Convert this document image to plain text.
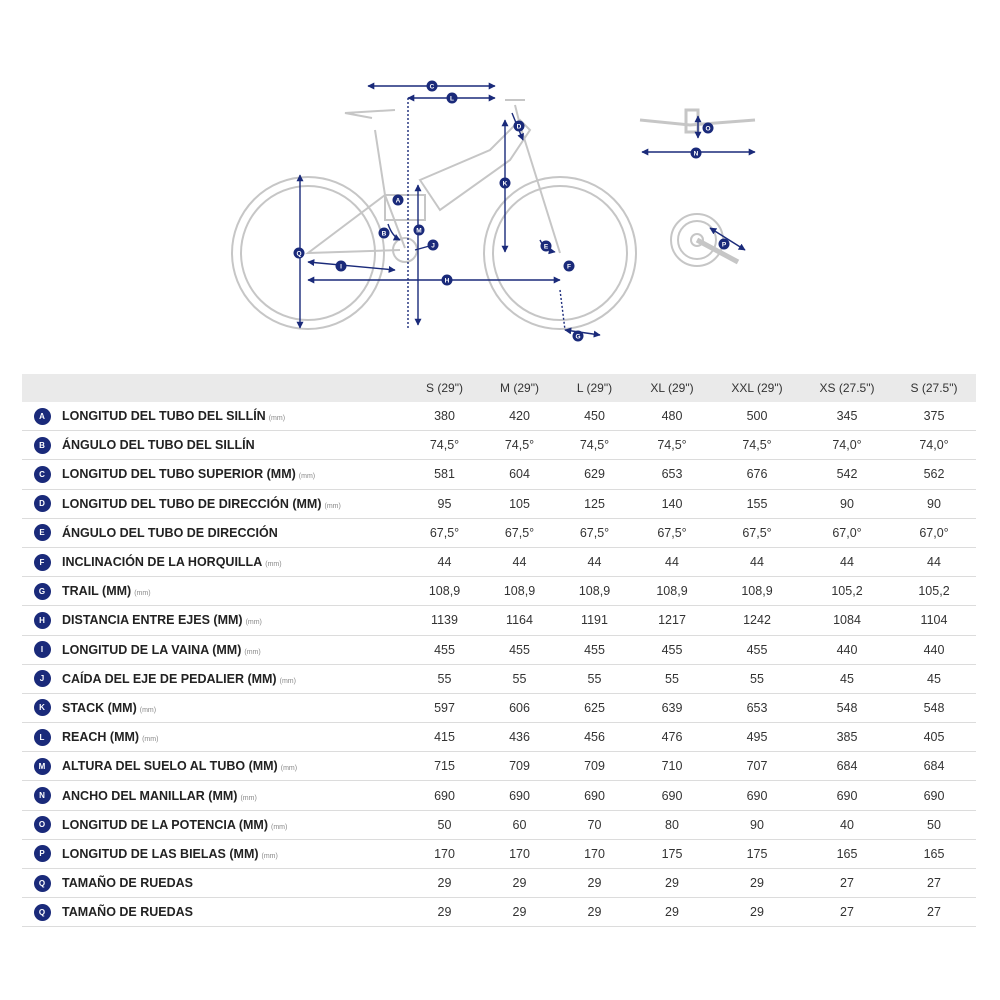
C
L
D
K
A
B	M
J	E
F
O
N
P
I
H
Q
G
		S (29")	M (29")	L (29")	XL (29")	XXL (29")	XS (27.5")	S (27.5")
A	LONGITUD DEL TUBO DEL SILLÍN (mm)	380	420	450	480	500	345	375
B	ÁNGULO DEL TUBO DEL SILLÍN	74,5°	74,5°	74,5°	74,5°	74,5°	74,0°	74,0°
C	LONGITUD DEL TUBO SUPERIOR (MM) (mm)	581	604	629	653	676	542	562
D	LONGITUD DEL TUBO DE DIRECCIÓN (MM) (mm)	95	105	125	140	155	90	90
E	ÁNGULO DEL TUBO DE DIRECCIÓN	67,5°	67,5°	67,5°	67,5°	67,5°	67,0°	67,0°
F	INCLINACIÓN DE LA HORQUILLA (mm)	44	44	44	44	44	44	44
G	TRAIL (MM) (mm)	108,9	108,9	108,9	108,9	108,9	105,2	105,2
H	DISTANCIA ENTRE EJES (MM) (mm)	1139	1164	1191	1217	1242	1084	1104
I	LONGITUD DE LA VAINA (MM) (mm)	455	455	455	455	455	440	440
J	CAÍDA DEL EJE DE PEDALIER (MM) (mm)	55	55	55	55	55	45	45
K	STACK (MM) (mm)	597	606	625	639	653	548	548
L	REACH (MM) (mm)	415	436	456	476	495	385	405
M	ALTURA DEL SUELO AL TUBO (MM) (mm)	715	709	709	710	707	684	684
N	ANCHO DEL MANILLAR (MM) (mm)	690	690	690	690	690	690	690
O	LONGITUD DE LA POTENCIA (MM) (mm)	50	60	70	80	90	40	50
P	LONGITUD DE LAS BIELAS (MM) (mm)	170	170	170	175	175	165	165
Q	TAMAÑO DE RUEDAS	29	29	29	29	29	27	27
Q	TAMAÑO DE RUEDAS	29	29	29	29	29	27	27
